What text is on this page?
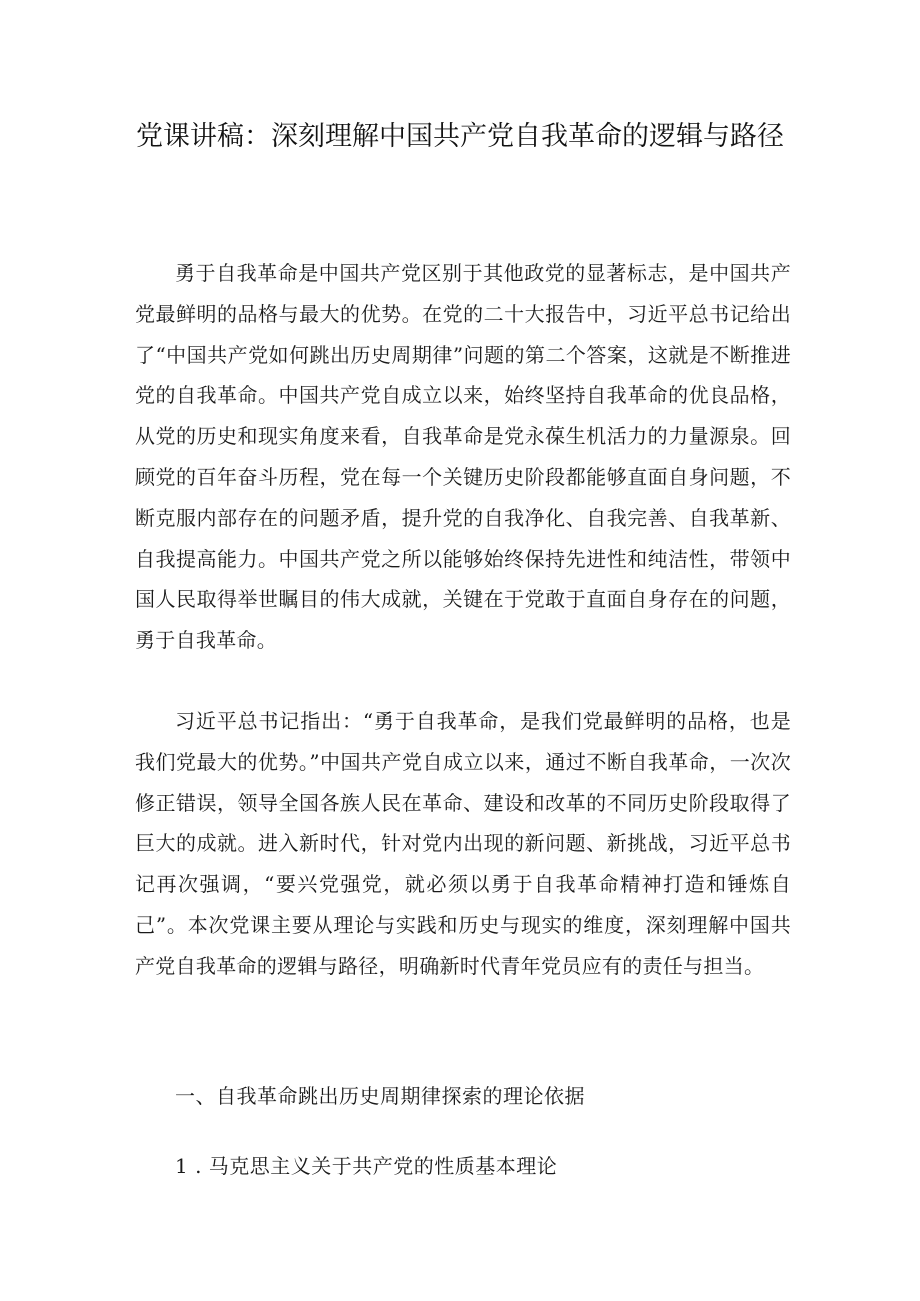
党课讲稿：深刻理解中国共产党自我革命的逻辑与路径

勇于自我革命是中国共产党区别于其他政党的显著标志，是中国共产党最鲜明的品格与最大的优势。在党的二十大报告中，习近平总书记给出了“中国共产党如何跳出历史周期律”问题的第二个答案，这就是不断推进党的自我革命。中国共产党自成立以来，始终坚持自我革命的优良品格，从党的历史和现实角度来看，自我革命是党永葆生机活力的力量源泉。回顾党的百年奋斗历程，党在每一个关键历史阶段都能够直面自身问题，不断克服内部存在的问题矛盾，提升党的自我净化、自我完善、自我革新、自我提高能力。中国共产党之所以能够始终保持先进性和纯洁性，带领中国人民取得举世瞩目的伟大成就，关键在于党敢于直面自身存在的问题，勇于自我革命。

习近平总书记指出：“勇于自我革命，是我们党最鲜明的品格，也是我们党最大的优势。”中国共产党自成立以来，通过不断自我革命，一次次修正错误，领导全国各族人民在革命、建设和改革的不同历史阶段取得了巨大的成就。进入新时代，针对党内出现的新问题、新挑战，习近平总书记再次强调，“要兴党强党，就必须以勇于自我革命精神打造和锤炼自己”。本次党课主要从理论与实践和历史与现实的维度，深刻理解中国共产党自我革命的逻辑与路径，明确新时代青年党员应有的责任与担当。

一、自我革命跳出历史周期律探索的理论依据
1 . 马克思主义关于共产党的性质基本理论
